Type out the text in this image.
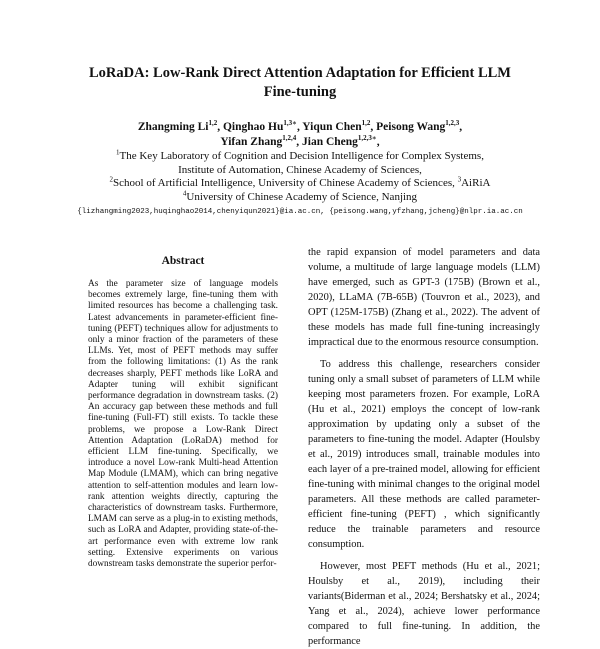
LoRaDA: Low-Rank Direct Attention Adaptation for Efficient LLM
Fine-tuning
Zhangming Li$^{1,2}$, Qinghao $Hu^{1,3∗}$, Yiqun Chen$^{1,2}$, Peisong Wang$^{1,2,3}$,
Yifan Zhang$^{1,2,4}$, Jian Cheng$^{1,2,3∗}$,
$^1$The Key Laboratory of Cognition and Decision Intelligence for Complex Systems,
Institute of Automation, Chinese Academy of Sciences,
$^2$School of Artificial Intelligence, University of Chinese Academy of Sciences, $^3$AiRiA
$^4$University of Chinese Academy of Science, Nanjing
{lizhangming2023,huqinghao2014,chenyiqun2021}@ia.ac.cn, {peisong.wang,yfzhang,jcheng}@nlpr.ia.ac.cn
Abstract
As the parameter size of language models becomes extremely large, fine-tuning them with limited resources has become a challenging task. Latest advancements in parameter-efficient fine-tuning (PEFT) techniques allow for adjustments to only a minor fraction of the parameters of these LLMs. Yet, most of PEFT methods may suffer from the following limitations: (1) As the rank decreases sharply, PEFT methods like LoRA and Adapter tuning will exhibit significant performance degradation in downstream tasks. (2) An accuracy gap between these methods and full fine-tuning (Full-FT) still exists. To tackle these problems, we propose a Low-Rank Direct Attention Adaptation (LoRaDA) method for efficient LLM fine-tuning. Specifically, we introduce a novel Low-rank Multi-head Attention Map Module (LMAM), which can bring negative attention to self-attention modules and learn low-rank attention weights directly, capturing the characteristics of downstream tasks. Furthermore, LMAM can serve as a plug-in to existing methods, such as LoRA and Adapter, providing state-of-the-art performance even with extreme low rank setting. Extensive experiments on various downstream tasks demonstrate the superior perfor-

the rapid expansion of model parameters and data volume, a multitude of large language models (LLM) have emerged, such as GPT-3 (175B) (Brown et al., 2020), LLaMA (7B-65B) (Touvron et al., 2023), and OPT (125M-175B) (Zhang et al., 2022). The advent of these models has made full fine-tuning increasingly impractical due to the enormous resource consumption.

To address this challenge, researchers consider tuning only a small subset of parameters of LLM while keeping most parameters frozen. For example, LoRA (Hu et al., 2021) employs the concept of low-rank approximation by updating only a subset of the parameters to fine-tuning the model. Adapter (Houlsby et al., 2019) introduces small, trainable modules into each layer of a pre-trained model, allowing for efficient fine-tuning with minimal changes to the original model parameters. All these methods are called parameter-efficient fine-tuning (PEFT) , which significantly reduce the trainable parameters and resource consumption.

However, most PEFT methods (Hu et al., 2021; Houlsby et al., 2019), including their variants(Biderman et al., 2024; Bershatsky et al., 2024; Yang et al., 2024), achieve lower performance compared to full fine-tuning. In addition, the performance
